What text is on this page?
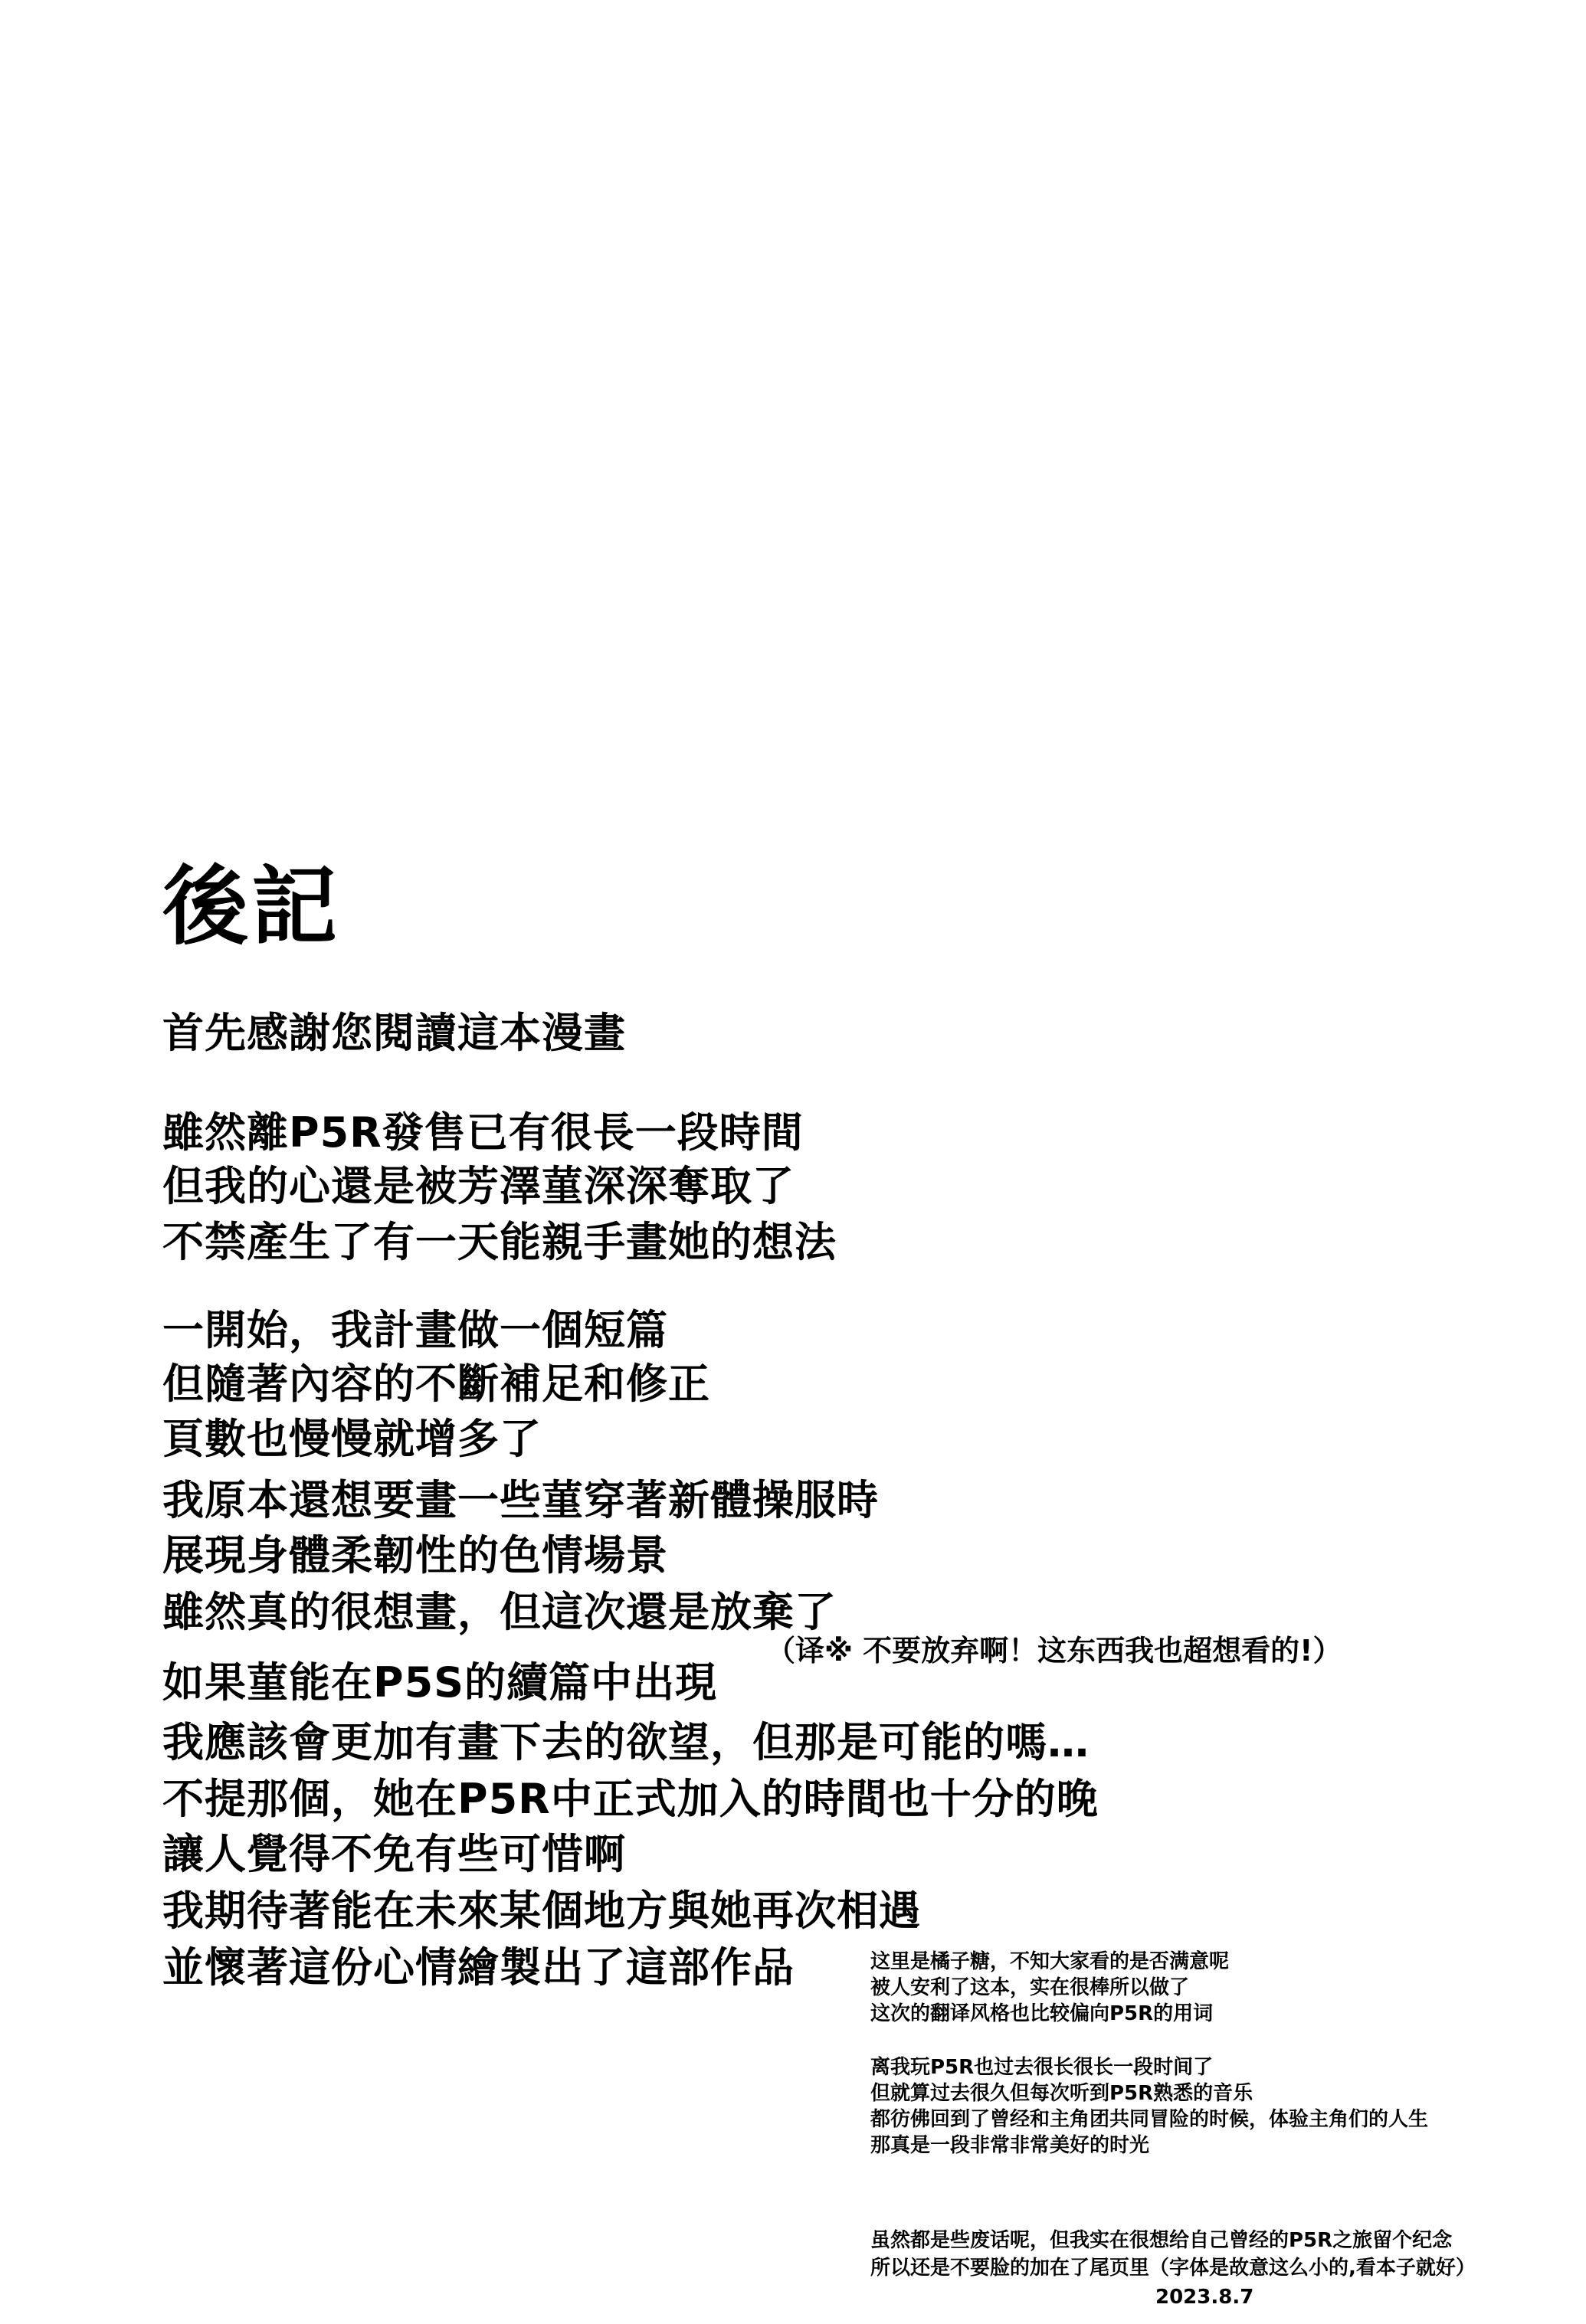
後記
首先感謝您閱讀這本漫畫
雖然離P5R發售已有很長一段時間
但我的心還是被芳澤菫深深奪取了
不禁產生了有一天能親手畫她的想法
一開始，我計畫做一個短篇
但隨著內容的不斷補足和修正
頁數也慢慢就增多了
我原本還想要畫一些菫穿著新體操服時
展現身體柔韌性的色情場景
雖然真的很想畫，但這次還是放棄了
如果菫能在P5S的續篇中出現
我應該會更加有畫下去的欲望，但那是可能的嗎…
不提那個，她在P5R中正式加入的時間也十分的晚
讓人覺得不免有些可惜啊
我期待著能在未來某個地方與她再次相遇
並懷著這份心情繪製出了這部作品
（译※ 不要放弃啊！这东西我也超想看的!）
这里是橘子糖，不知大家看的是否满意呢
被人安利了这本，实在很棒所以做了
这次的翻译风格也比较偏向P5R的用词
离我玩P5R也过去很长很长一段时间了
但就算过去很久但每次听到P5R熟悉的音乐
都彷佛回到了曾经和主角团共同冒险的时候，体验主角们的人生
那真是一段非常非常美好的时光
虽然都是些废话呢，但我实在很想给自己曾经的P5R之旅留个纪念
所以还是不要脸的加在了尾页里（字体是故意这么小的,看本子就好）
2023.8.7
